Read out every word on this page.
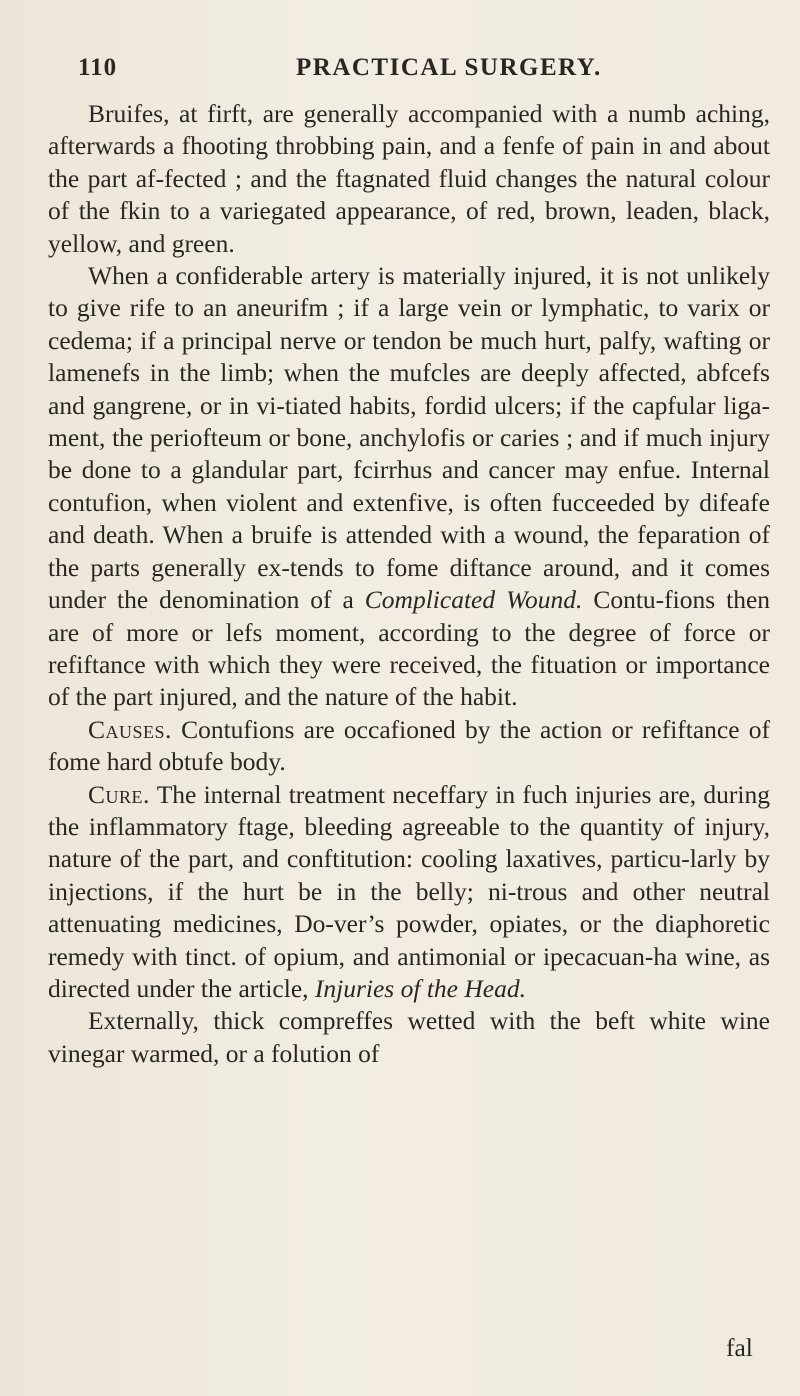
110	PRACTICAL SURGERY.

Bruifes, at firft, are generally accompanied with a numb aching, afterwards a fhooting throbbing pain, and a fenfe of pain in and about the part af-fected ; and the ftagnated fluid changes the natural colour of the fkin to a variegated appearance, of red, brown, leaden, black, yellow, and green.

When a confiderable artery is materially injured, it is not unlikely to give rife to an aneurifm ; if a large vein or lymphatic, to varix or cedema; if a principal nerve or tendon be much hurt, palfy, wafting or lamenefs in the limb; when the mufcles are deeply affected, abfcefs and gangrene, or in vi-tiated habits, fordid ulcers; if the capfular liga-ment, the periofteum or bone, anchylofis or caries ; and if much injury be done to a glandular part, fcirrhus and cancer may enfue. Internal contufion, when violent and extenfive, is often fucceeded by difeafe and death. When a bruife is attended with a wound, the feparation of the parts generally ex-tends to fome diftance around, and it comes under the denomination of a Complicated Wound. Contu-fions then are of more or lefs moment, according to the degree of force or refiftance with which they were received, the fituation or importance of the part injured, and the nature of the habit.

Causes. Contufions are occafioned by the action or refiftance of fome hard obtufe body.

Cure. The internal treatment neceffary in fuch injuries are, during the inflammatory ftage, bleeding agreeable to the quantity of injury, nature of the part, and conftitution: cooling laxatives, particu-larly by injections, if the hurt be in the belly; ni-trous and other neutral attenuating medicines, Do-ver’s powder, opiates, or the diaphoretic remedy with tinct. of opium, and antimonial or ipecacuan-ha wine, as directed under the article, Injuries of the Head.

Externally, thick compreffes wetted with the beft white wine vinegar warmed, or a folution of

fal
